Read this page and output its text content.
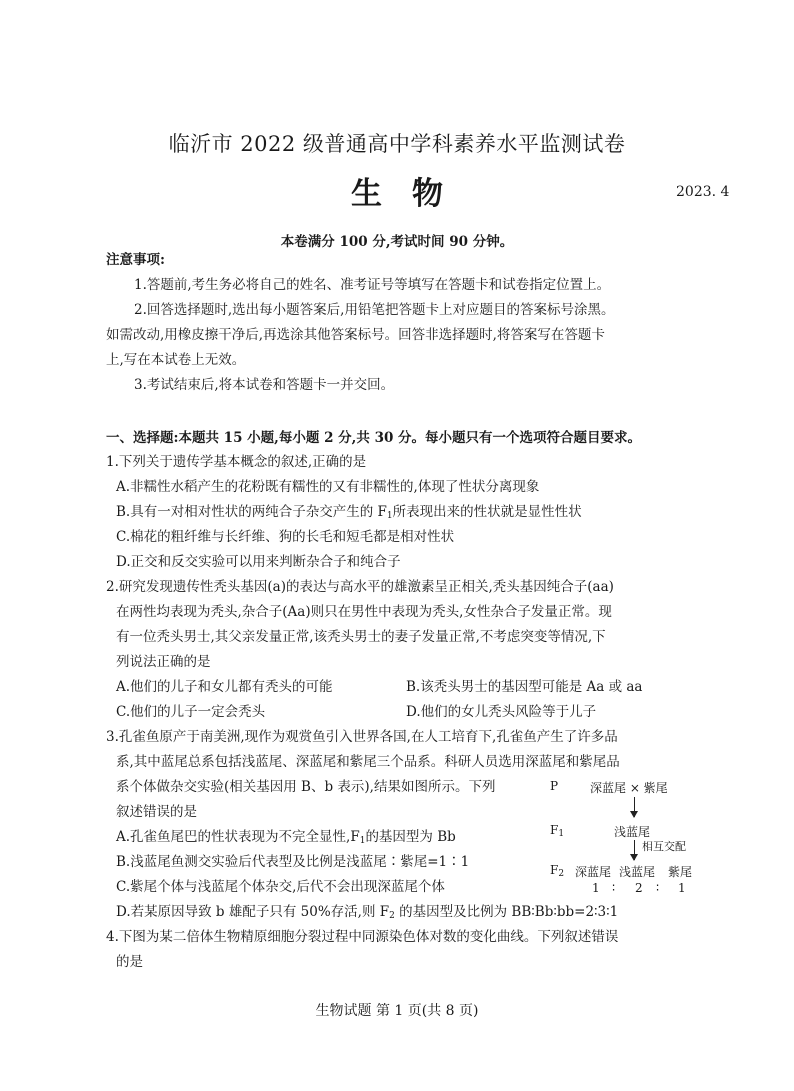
临沂市 2022 级普通高中学科素养水平监测试卷
生物	2023. 4
本卷满分 100 分,考试时间 90 分钟。
注意事项:
1.答题前,考生务必将自己的姓名、准考证号等填写在答题卡和试卷指定位置上。
2.回答选择题时,选出每小题答案后,用铅笔把答题卡上对应题目的答案标号涂黑。
如需改动,用橡皮擦干净后,再选涂其他答案标号。回答非选择题时,将答案写在答题卡
上,写在本试卷上无效。
3.考试结束后,将本试卷和答题卡一并交回。
一、选择题:本题共 15 小题,每小题 2 分,共 30 分。每小题只有一个选项符合题目要求。
1.下列关于遗传学基本概念的叙述,正确的是
A.非糯性水稻产生的花粉既有糯性的又有非糯性的,体现了性状分离现象
B.具有一对相对性状的两纯合子杂交产生的 $F_1$所表现出来的性状就是显性性状
C.棉花的粗纤维与长纤维、狗的长毛和短毛都是相对性状
D.正交和反交实验可以用来判断杂合子和纯合子
2.研究发现遗传性秃头基因(a)的表达与高水平的雄激素呈正相关,秃头基因纯合子(aa)
在两性均表现为秃头,杂合子(Aa)则只在男性中表现为秃头,女性杂合子发量正常。现
有一位秃头男士,其父亲发量正常,该秃头男士的妻子发量正常,不考虑突变等情况,下
列说法正确的是
A.他们的儿子和女儿都有秃头的可能	B.该秃头男士的基因型可能是 Aa 或 aa
C.他们的儿子一定会秃头	D.他们的女儿秃头风险等于儿子
3.孔雀鱼原产于南美洲,现作为观赏鱼引入世界各国,在人工培育下,孔雀鱼产生了许多品
系,其中蓝尾总系包括浅蓝尾、深蓝尾和紫尾三个品系。科研人员选用深蓝尾和紫尾品
系个体做杂交实验(相关基因用 B、b 表示),结果如图所示。下列
叙述错误的是
A.孔雀鱼尾巴的性状表现为不完全显性$,F_1$的基因型为 Bb
B.浅蓝尾鱼测交实验后代表型及比例是浅蓝尾∶紫尾=1∶1
C.紫尾个体与浅蓝尾个体杂交,后代不会出现深蓝尾个体
D.若某原因导致 b 雄配子只有 50%存活,则 $F_2$ 的基因型及比例为 BB∶Bb∶bb=2∶3∶1
P	深蓝尾 × 紫尾
$F_1$	浅蓝尾
相互交配
$F_2$ 深蓝尾 浅蓝尾 紫尾
1 ∶ 2 ∶ 1
4.下图为某二倍体生物精原细胞分裂过程中同源染色体对数的变化曲线。下列叙述错误
的是
生物试题 第 1 页(共 8 页)
